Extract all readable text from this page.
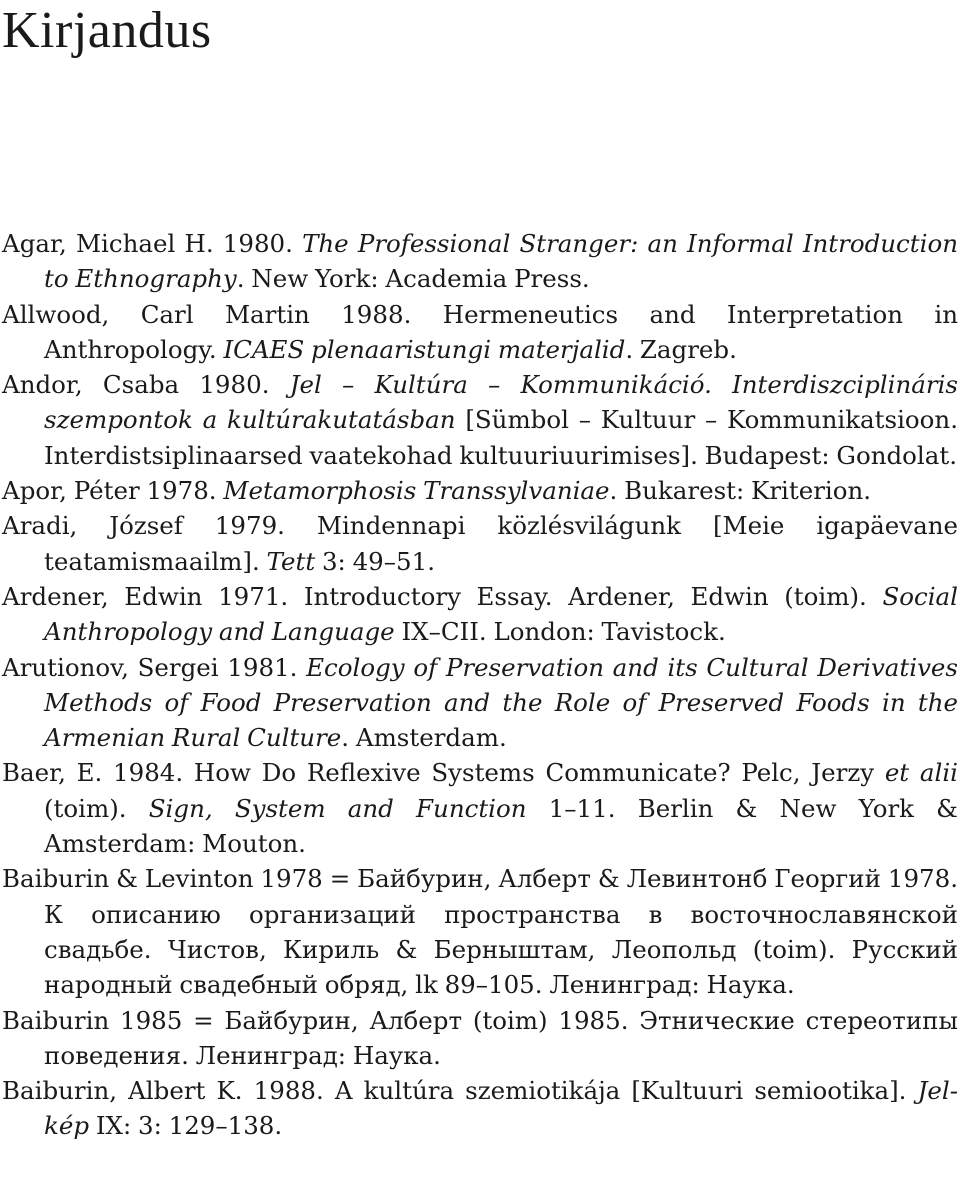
Kirjandus
Agar, Michael H. 1980. The Professional Stranger: an Informal Introduction to Ethnography. New York: Academia Press.
Allwood, Carl Martin 1988. Hermeneutics and Interpretation in Anthropology. ICAES plenaaristungi materjalid. Zagreb.
Andor, Csaba 1980. Jel – Kultúra – Kommunikáció. Interdiszciplináris szempontok a kultúrakutatásban [Sümbol – Kultuur – Kommunikatsioon. Interdistsiplinaarsed vaatekohad kultuuriuurimises]. Budapest: Gondolat.
Apor, Péter 1978. Metamorphosis Transsylvaniae. Bukarest: Kriterion.
Aradi, József 1979. Mindennapi közlésvilágunk [Meie igapäevane teatamismaailm]. Tett 3: 49–51.
Ardener, Edwin 1971. Introductory Essay. Ardener, Edwin (toim). Social Anthropology and Language IX–CII. London: Tavistock.
Arutionov, Sergei 1981. Ecology of Preservation and its Cultural Derivatives Methods of Food Preservation and the Role of Preserved Foods in the Armenian Rural Culture. Amsterdam.
Baer, E. 1984. How Do Reflexive Systems Communicate? Pelc, Jerzy et alii (toim). Sign, System and Function 1–11. Berlin & New York & Amsterdam: Mouton.
Baiburin & Levinton 1978 = Байбурин, Алберт & Левинтонб Георгий 1978. К описанию организаций пространства в восточнославянской свадьбе. Чистов, Кириль & Берныштам, Леопольд (toim). Русский народный свадебный обряд, lk 89–105. Ленинград: Наука.
Baiburin 1985 = Байбурин, Алберт (toim) 1985. Этнические стереотипы поведения. Ленинград: Наука.
Baiburin, Albert K. 1988. A kultúra szemiotikája [Kultuuri semiootika]. Jel-kép IX: 3: 129–138.
